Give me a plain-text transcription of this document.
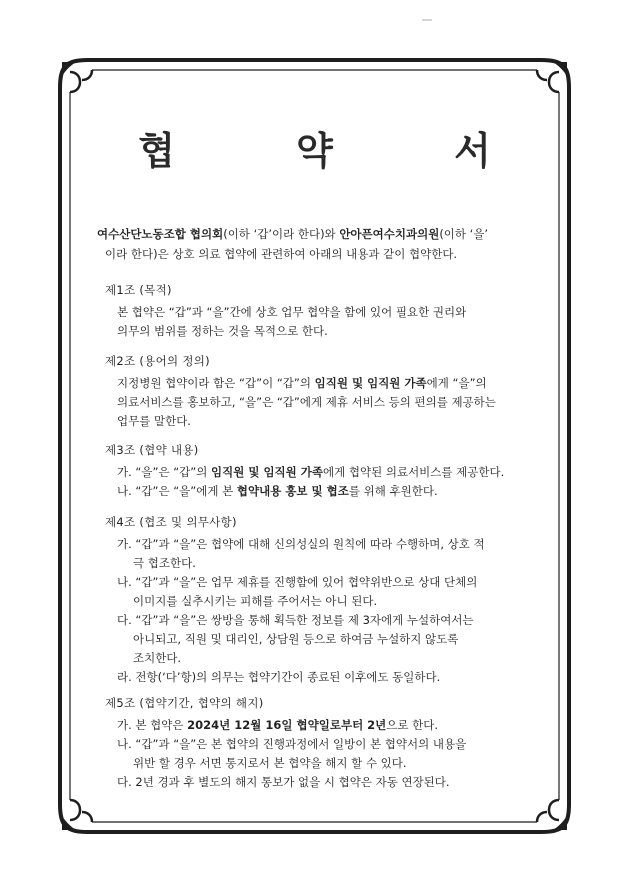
협 약 서
여수산단노동조합 협의회(이하 ‘갑’이라 한다)와 안아픈여수치과의원(이하 ‘을’
이라 한다)은 상호 의료 협약에 관련하여 아래의 내용과 같이 협약한다.
제1조 (목적)
본 협약은 “갑”과 “을”간에 상호 업무 협약을 함에 있어 필요한 권리와
의무의 범위를 정하는 것을 목적으로 한다.
제2조 (용어의 정의)
지정병원 협약이라 함은 “갑”이 “갑”의 임직원 및 임직원 가족에게 “을”의
의료서비스를 홍보하고, “을”은 “갑”에게 제휴 서비스 등의 편의를 제공하는
업무를 말한다.
제3조 (협약 내용)
가. “을”은 “갑”의 임직원 및 임직원 가족에게 협약된 의료서비스를 제공한다.
나. “갑”은 “을”에게 본 협약내용 홍보 및 협조를 위해 후원한다.
제4조 (협조 및 의무사항)
가. “갑”과 “을”은 협약에 대해 신의성실의 원칙에 따라 수행하며, 상호 적
극 협조한다.
나. “갑”과 “을”은 업무 제휴를 진행함에 있어 협약위반으로 상대 단체의
이미지를 실추시키는 피해를 주어서는 아니 된다.
다. “갑”과 “을”은 쌍방을 통해 획득한 정보를 제 3자에게 누설하여서는
아니되고, 직원 및 대리인, 상담원 등으로 하여금 누설하지 않도록
조치한다.
라. 전항(‘다’항)의 의무는 협약기간이 종료된 이후에도 동일하다.
제5조 (협약기간, 협약의 해지)
가. 본 협약은 2024년 12월 16일 협약일로부터 2년으로 한다.
나. “갑”과 “을”은 본 협약의 진행과정에서 일방이 본 협약서의 내용을
위반 할 경우 서면 통지로서 본 협약을 해지 할 수 있다.
다. 2년 경과 후 별도의 해지 통보가 없을 시 협약은 자동 연장된다.
